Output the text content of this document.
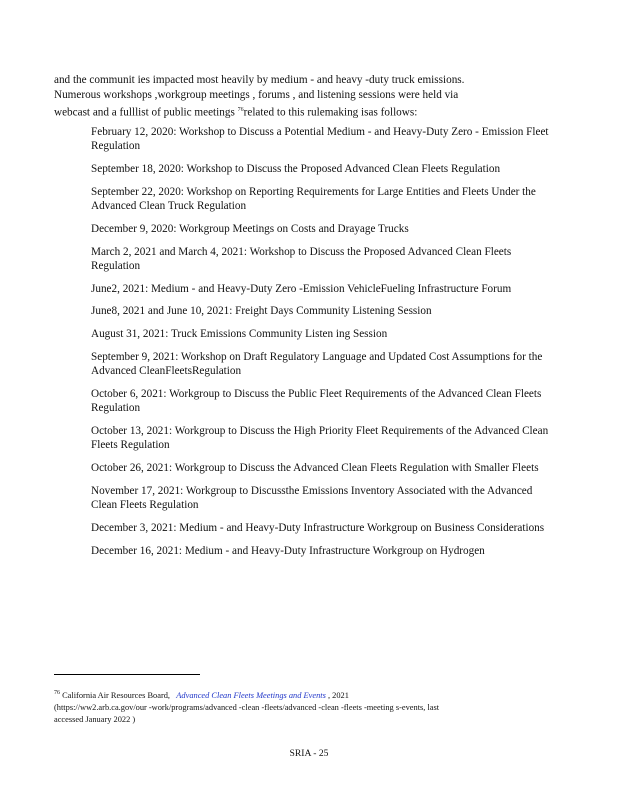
and the communit ies impacted most heavily by medium - and heavy -duty truck emissions.
Numerous workshops ,workgroup meetings , forums , and listening sessions were held via
webcast and a fulllist of public meetings $^{76}$related to this rulemaking isas follows:
February 12, 2020: Workshop to Discuss a Potential Medium - and Heavy-Duty Zero - Emission Fleet Regulation
September 18, 2020: Workshop to Discuss the Proposed Advanced Clean Fleets Regulation
September 22, 2020: Workshop on Reporting Requirements for Large Entities and Fleets Under the Advanced Clean Truck Regulation
December 9, 2020: Workgroup Meetings on Costs and Drayage Trucks
March 2, 2021 and March 4, 2021: Workshop to Discuss the Proposed Advanced Clean Fleets Regulation
June2, 2021: Medium - and Heavy-Duty Zero -Emission VehicleFueling Infrastructure Forum
June8, 2021 and June 10, 2021: Freight Days Community Listening Session
August 31, 2021: Truck Emissions Community Listen ing Session
September 9, 2021: Workshop on Draft Regulatory Language and Updated Cost Assumptions for the Advanced CleanFleetsRegulation
October 6, 2021: Workgroup to Discuss the Public Fleet Requirements of the Advanced Clean Fleets Regulation
October 13, 2021: Workgroup to Discuss the High Priority Fleet Requirements of the Advanced Clean Fleets Regulation
October 26, 2021: Workgroup to Discuss the Advanced Clean Fleets Regulation with Smaller Fleets
November 17, 2021: Workgroup to Discussthe Emissions Inventory Associated with the Advanced Clean Fleets Regulation
December 3, 2021: Medium - and Heavy-Duty Infrastructure Workgroup on Business Considerations
December 16, 2021: Medium - and Heavy-Duty Infrastructure Workgroup on Hydrogen
$^{76}$ California Air Resources Board, Advanced Clean Fleets Meetings and Events , 2021
(https://ww2.arb.ca.gov/our -work/programs/advanced -clean -fleets/advanced -clean -fleets -meeting s-events, last
accessed January 2022 )
SRIA - 25
